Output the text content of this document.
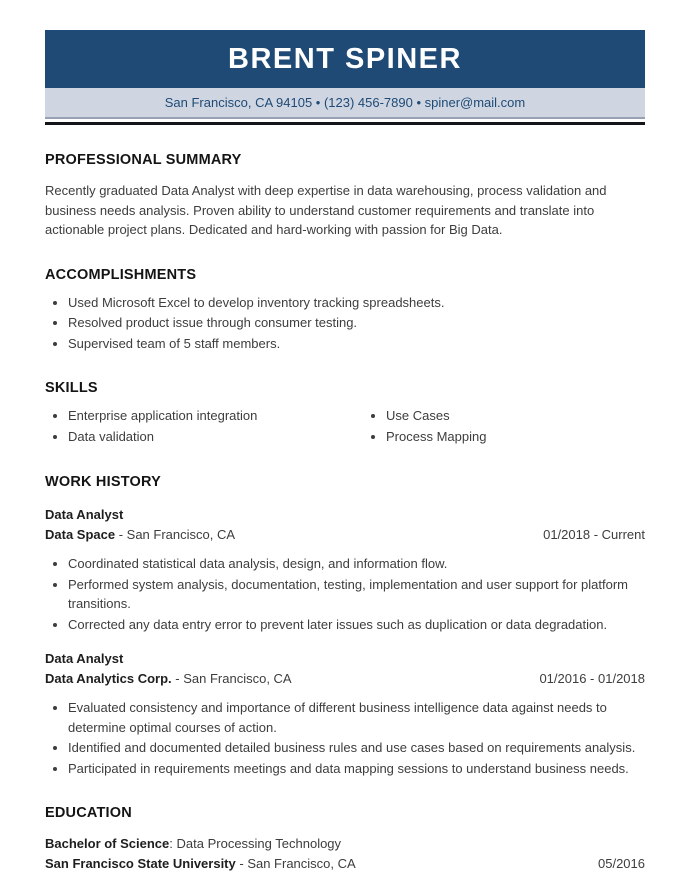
BRENT SPINER
San Francisco, CA 94105 • (123) 456-7890 • spiner@mail.com
PROFESSIONAL SUMMARY

Recently graduated Data Analyst with deep expertise in data warehousing, process validation and business needs analysis. Proven ability to understand customer requirements and translate into actionable project plans. Dedicated and hard-working with passion for Big Data.

ACCOMPLISHMENTS
• Used Microsoft Excel to develop inventory tracking spreadsheets.
• Resolved product issue through consumer testing.
• Supervised team of 5 staff members.
SKILLS
• Enterprise application integration
• Data validation
• Use Cases
• Process Mapping
WORK HISTORY
Data Analyst
Data Space - San Francisco, CA	01/2018 - Current
• Coordinated statistical data analysis, design, and information flow.
• Performed system analysis, documentation, testing, implementation and user support for platform transitions.
• Corrected any data entry error to prevent later issues such as duplication or data degradation.
Data Analyst
Data Analytics Corp. - San Francisco, CA	01/2016 - 01/2018
• Evaluated consistency and importance of different business intelligence data against needs to determine optimal courses of action.
• Identified and documented detailed business rules and use cases based on requirements analysis.
• Participated in requirements meetings and data mapping sessions to understand business needs.
EDUCATION
Bachelor of Science: Data Processing Technology
San Francisco State University - San Francisco, CA	05/2016
